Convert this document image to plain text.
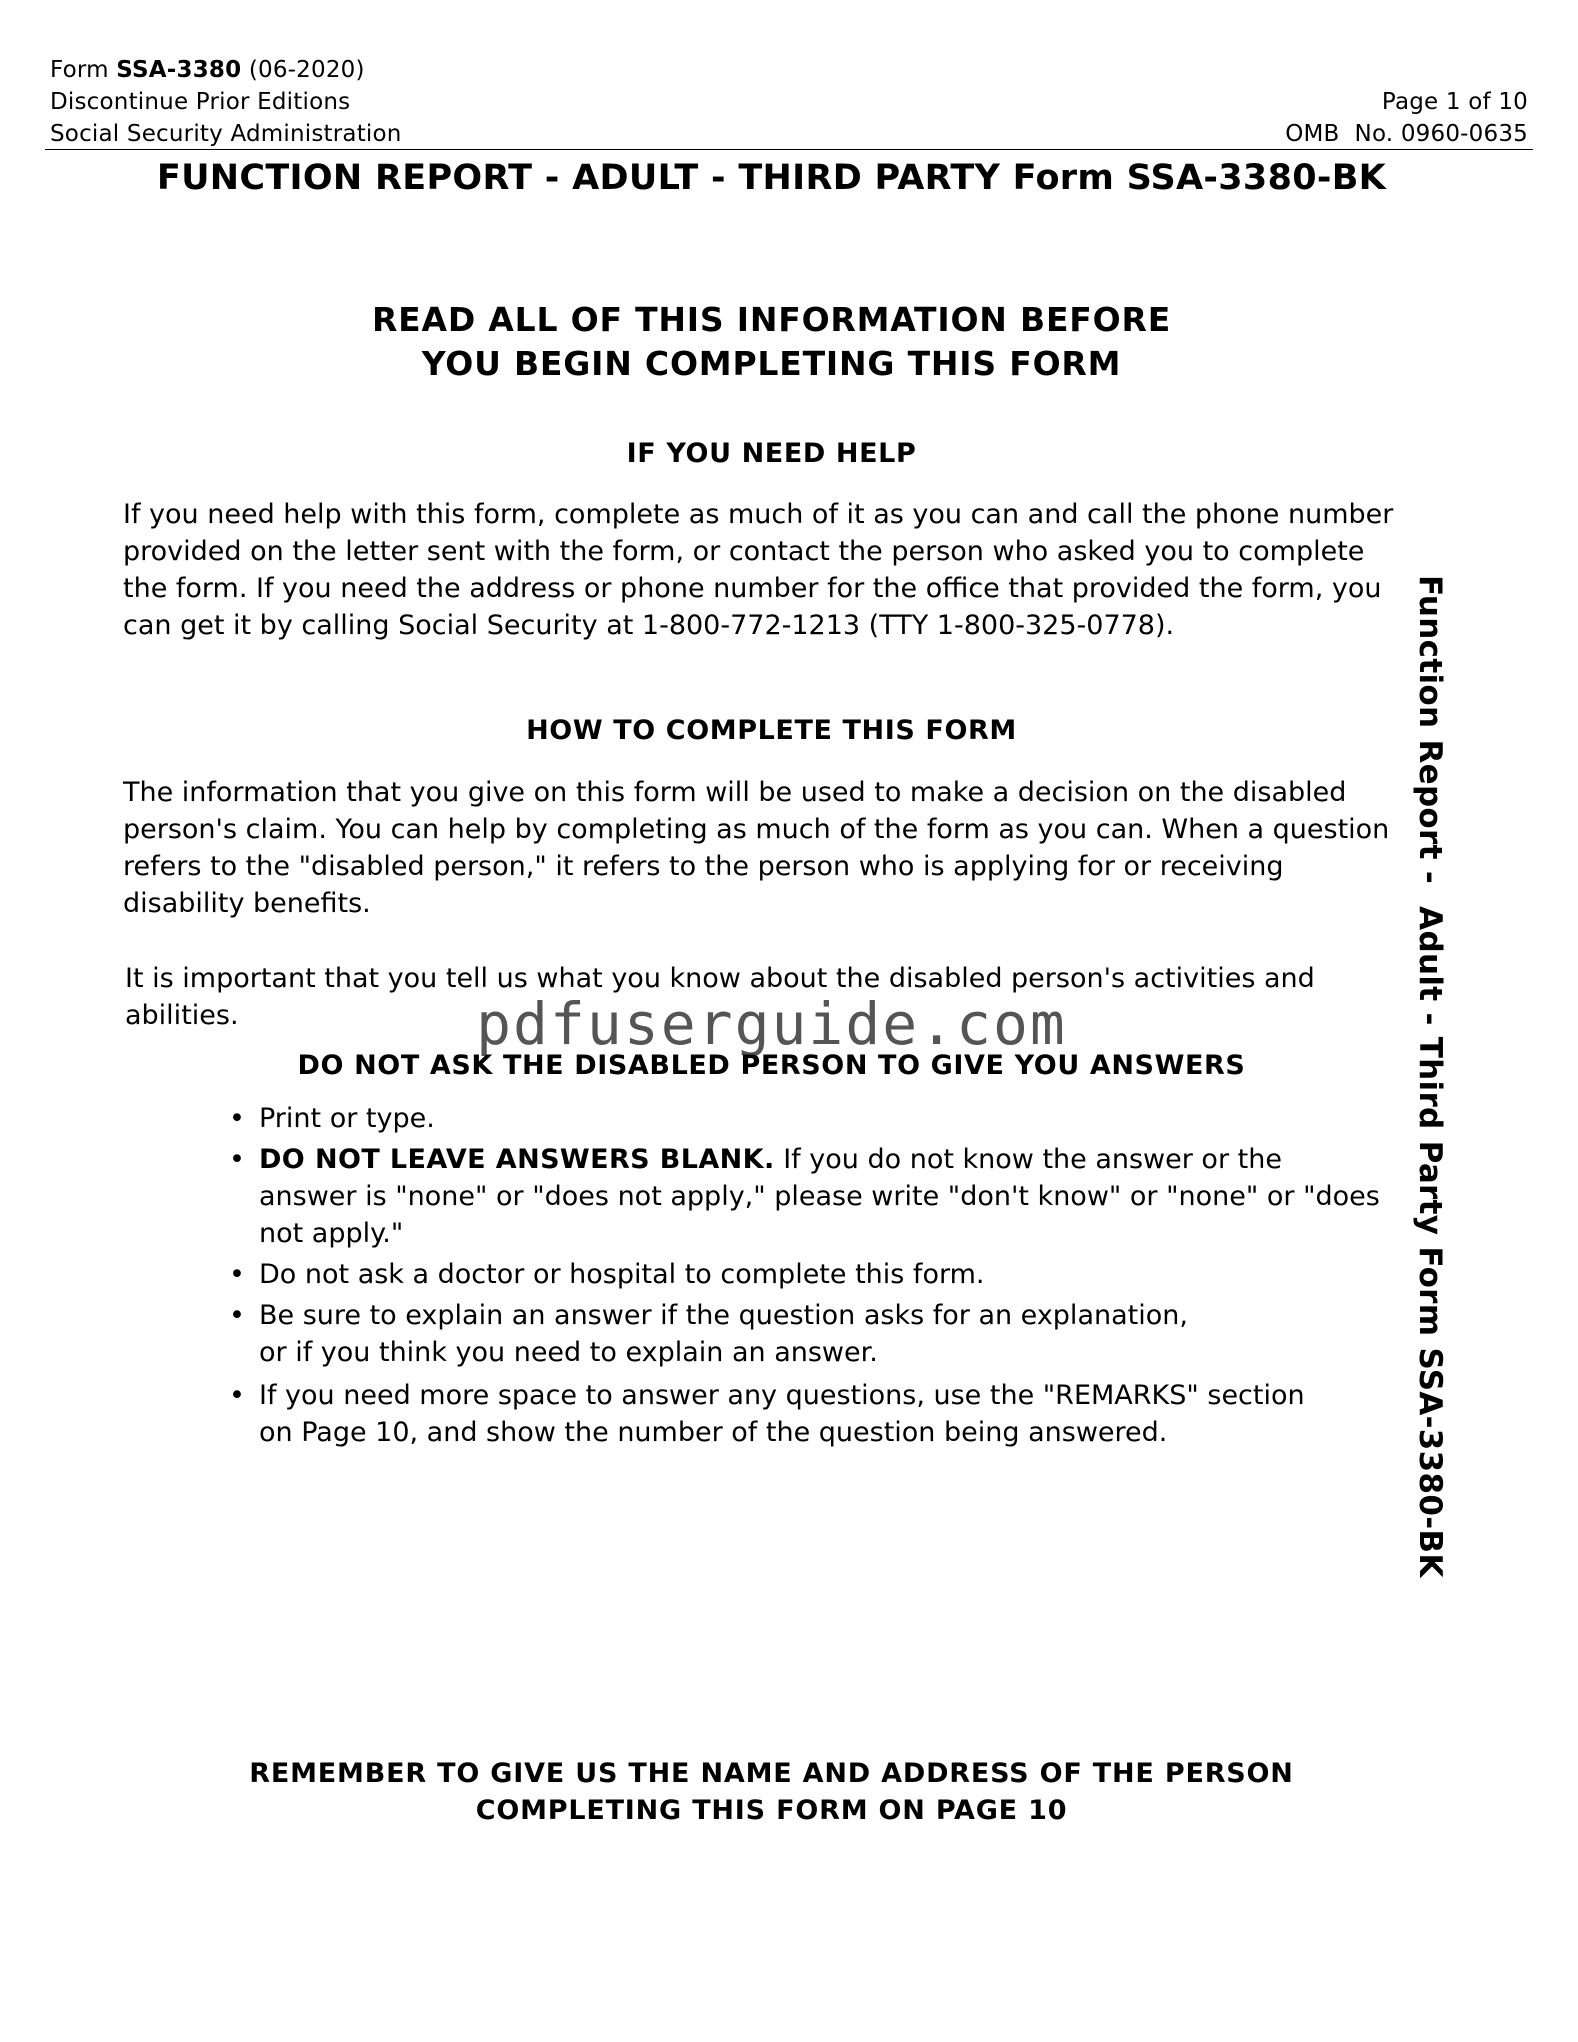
Form SSA-3380 (06-2020)
Discontinue Prior Editions
Social Security Administration
Page 1 of 10
OMB  No. 0960-0635
FUNCTION REPORT - ADULT - THIRD PARTY Form SSA-3380-BK
READ ALL OF THIS INFORMATION BEFORE
YOU BEGIN COMPLETING THIS FORM
IF YOU NEED HELP
If you need help with this form, complete as much of it as you can and call the phone number provided on the letter sent with the form, or contact the person who asked you to complete the form. If you need the address or phone number for the office that provided the form, you can get it by calling Social Security at 1-800-772-1213 (TTY 1-800-325-0778).
HOW TO COMPLETE THIS FORM
The information that you give on this form will be used to make a decision on the disabled person's claim. You can help by completing as much of the form as you can. When a question refers to the "disabled person," it refers to the person who is applying for or receiving disability benefits.
It is important that you tell us what you know about the disabled person's activities and abilities.	pdfuserguide.com
DO NOT ASK THE DISABLED PERSON TO GIVE YOU ANSWERS
• Print or type.
• DO NOT LEAVE ANSWERS BLANK. If you do not know the answer or the answer is "none" or "does not apply," please write "don't know" or "none" or "does not apply."
• Do not ask a doctor or hospital to complete this form.
• Be sure to explain an answer if the question asks for an explanation, or if you think you need to explain an answer.
• If you need more space to answer any questions, use the "REMARKS" section on Page 10, and show the number of the question being answered.
REMEMBER TO GIVE US THE NAME AND ADDRESS OF THE PERSON
COMPLETING THIS FORM ON PAGE 10
Function Report -  Adult - Third Party Form SSA-3380-BK
